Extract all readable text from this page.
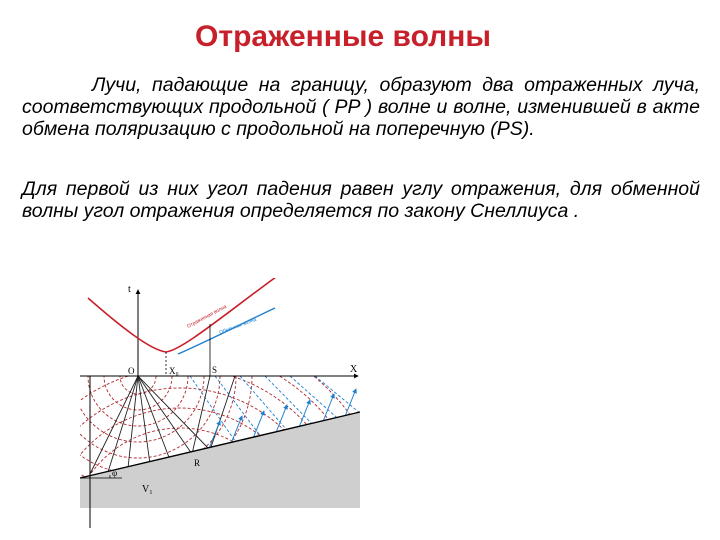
Отраженные волны
Лучи, падающие на границу, образуют два отраженных луча, соответствующих продольной ( PP ) волне и волне, изменившей в акте обмена поляризацию с продольной на поперечную (PS).
Для первой из них угол падения равен углу отражения, для обменной волны угол отражения определяется по закону Снеллиуса .
t
X
O	X₀	S
R
φ
V₁
Отраженная волна
Обменная волна
